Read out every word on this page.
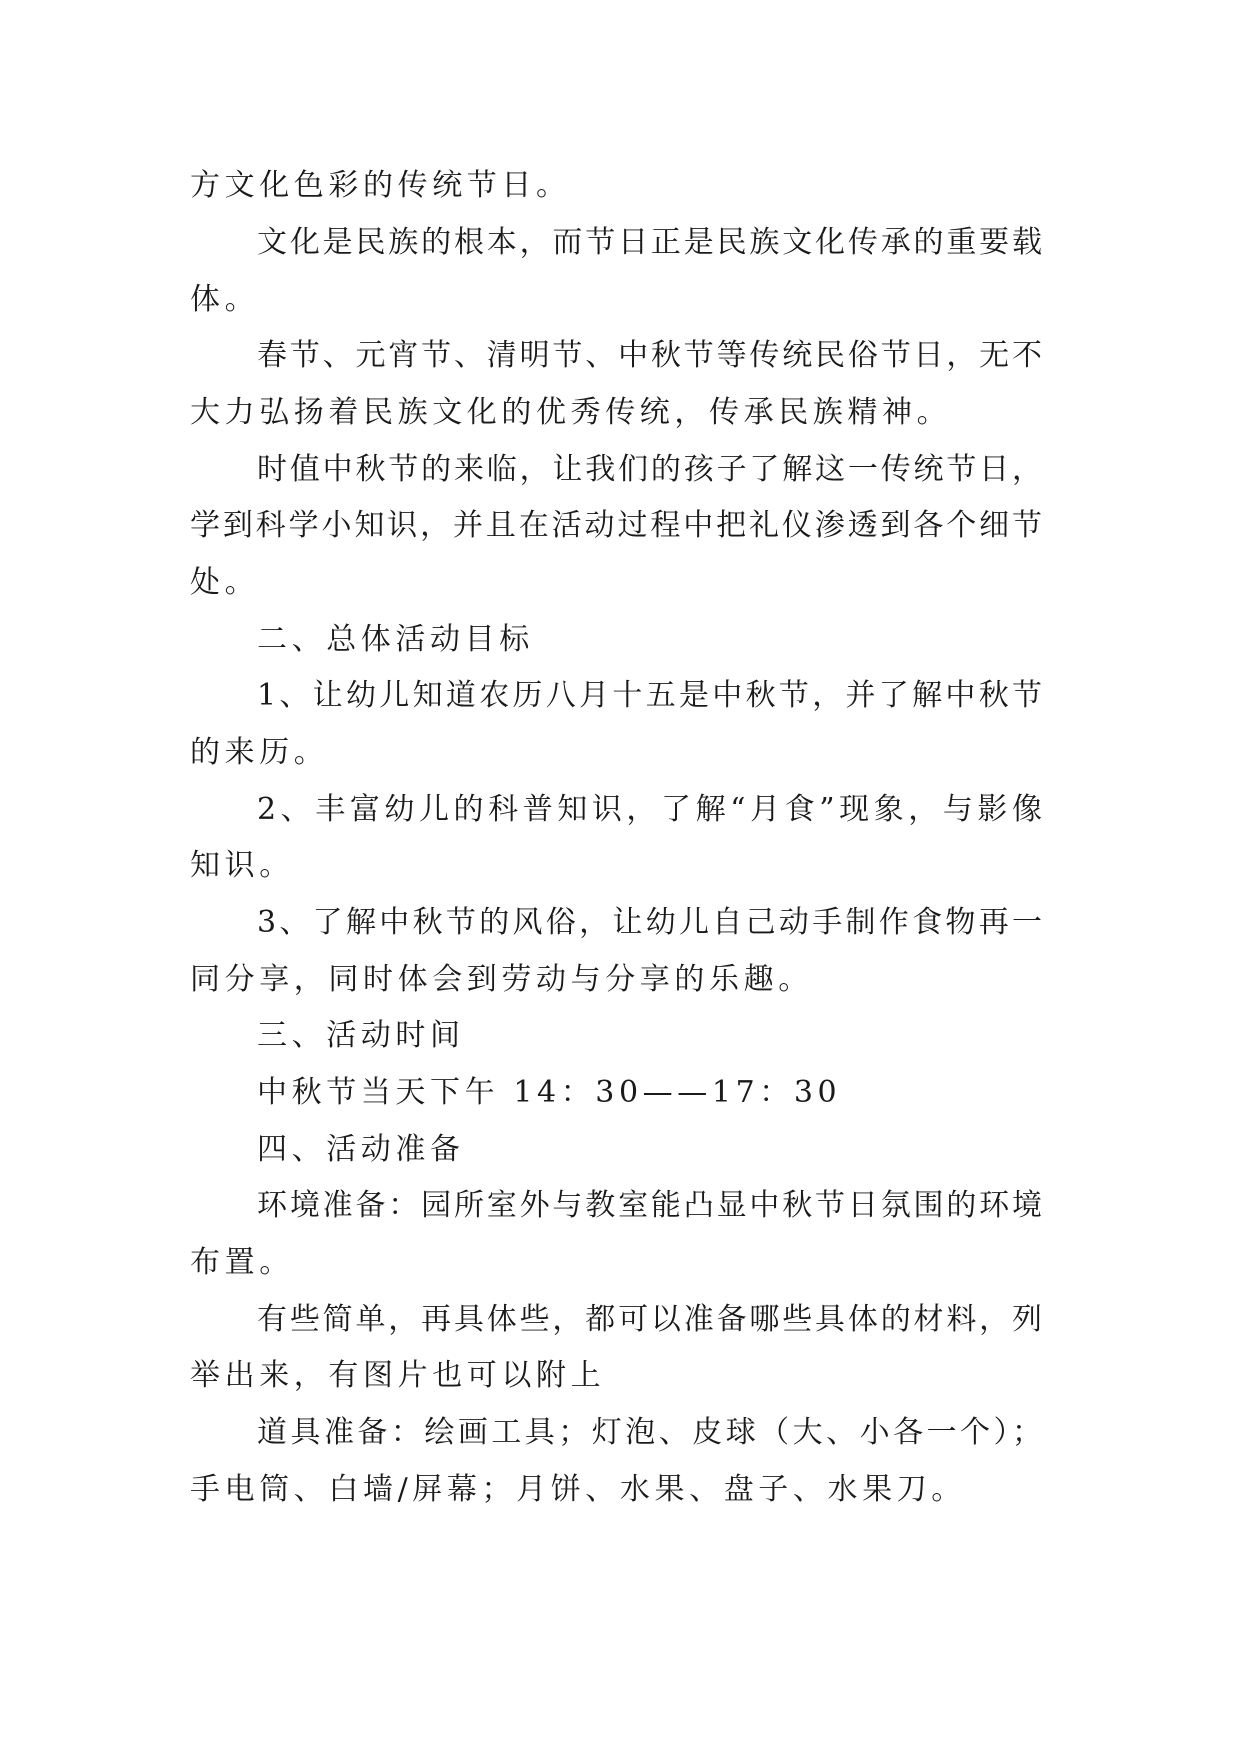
方文化色彩的传统节日。
文化是民族的根本，而节日正是民族文化传承的重要载
体。
春节、元宵节、清明节、中秋节等传统民俗节日，无不
大力弘扬着民族文化的优秀传统，传承民族精神。
时值中秋节的来临，让我们的孩子了解这一传统节日，
学到科学小知识，并且在活动过程中把礼仪渗透到各个细节
处。
二、总体活动目标
1、让幼儿知道农历八月十五是中秋节，并了解中秋节
的来历。
2、丰富幼儿的科普知识，了解“月食”现象，与影像
知识。
3、了解中秋节的风俗，让幼儿自己动手制作食物再一
同分享，同时体会到劳动与分享的乐趣。
三、活动时间
中秋节当天下午 14：30——17：30
四、活动准备
环境准备：园所室外与教室能凸显中秋节日氛围的环境
布置。
有些简单，再具体些，都可以准备哪些具体的材料，列
举出来，有图片也可以附上
道具准备：绘画工具；灯泡、皮球（大、小各一个）；
手电筒、白墙/屏幕；月饼、水果、盘子、水果刀。
